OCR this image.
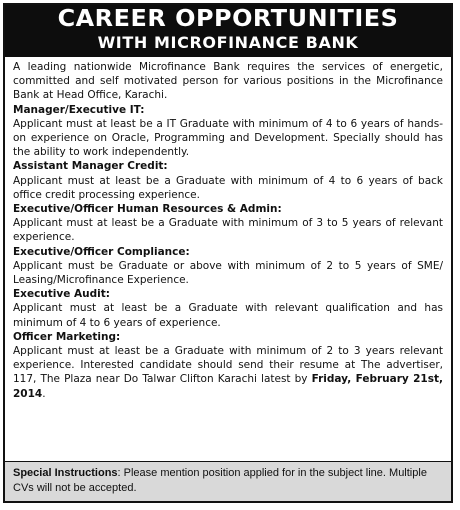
CAREER OPPORTUNITIES
WITH MICROFINANCE BANK

A leading nationwide Microfinance Bank requires the services of energetic, committed and self motivated person for various positions in the Microfinance Bank at Head Office, Karachi.

Manager/Executive IT:

Applicant must at least be a IT Graduate with minimum of 4 to 6 years of hands-on experience on Oracle, Programming and Development. Specially should has the ability to work independently.

Assistant Manager Credit:

Applicant must at least be a Graduate with minimum of 4 to 6 years of back office credit processing experience.

Executive/Officer Human Resources & Admin:

Applicant must at least be a Graduate with minimum of 3 to 5 years of relevant experience.

Executive/Officer Compliance:

Applicant must be Graduate or above with minimum of 2 to 5 years of SME/ Leasing/Microfinance Experience.

Executive Audit:

Applicant must at least be a Graduate with relevant qualification and has minimum of 4 to 6 years of experience.

Officer Marketing:

Applicant must at least be a Graduate with minimum of 2 to 3 years relevant experience. Interested candidate should send their resume at The advertiser, 117, The Plaza near Do Talwar Clifton Karachi latest by Friday, February 21st, 2014.

Special Instructions: Please mention position applied for in the subject line. Multiple CVs will not be accepted.
